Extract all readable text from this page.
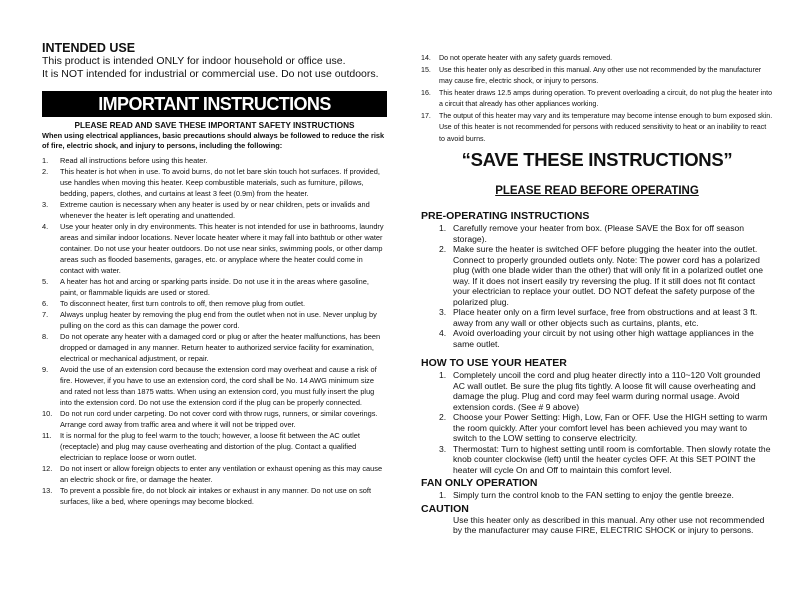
INTENDED USE

This product is intended ONLY for indoor household or office use.

It is NOT intended for industrial or commercial use. Do not use outdoors.

IMPORTANT INSTRUCTIONS
PLEASE READ AND SAVE THESE IMPORTANT SAFETY INSTRUCTIONS

When using electrical appliances, basic precautions should always be followed to reduce the risk of fire, electric shock, and injury to persons, including the following:

1. Read all instructions before using this heater.
2. This heater is hot when in use. To avoid burns, do not let bare skin touch hot surfaces. If provided, use handles when moving this heater. Keep combustible materials, such as furniture, pillows, bedding, papers, clothes, and curtains at least 3 feet (0.9m) from the heater.
3. Extreme caution is necessary when any heater is used by or near children, pets or invalids and whenever the heater is left operating and unattended.
4. Use your heater only in dry environments. This heater is not intended for use in bathrooms, laundry areas and similar indoor locations. Never locate heater where it may fall into bathtub or other water container. Do not use your heater outdoors. Do not use near sinks, swimming pools, or other damp areas such as flooded basements, garages, etc. or anyplace where the heater could come in contact with water.
5. A heater has hot and arcing or sparking parts inside. Do not use it in the areas where gasoline, paint, or flammable liquids are used or stored.
6. To disconnect heater, first turn controls to off, then remove plug from outlet.
7. Always unplug heater by removing the plug end from the outlet when not in use. Never unplug by pulling on the cord as this can damage the power cord.
8. Do not operate any heater with a damaged cord or plug or after the heater malfunctions, has been dropped or damaged in any manner. Return heater to authorized service facility for examination, electrical or mechanical adjustment, or repair.
9. Avoid the use of an extension cord because the extension cord may overheat and cause a risk of fire. However, if you have to use an extension cord, the cord shall be No. 14 AWG minimum size and rated not less than 1875 watts. When using an extension cord, you must fully insert the plug into the extension cord. Do not use the extension cord if the plug can be properly connected.
10. Do not run cord under carpeting. Do not cover cord with throw rugs, runners, or similar coverings. Arrange cord away from traffic area and where it will not be tripped over.
11. It is normal for the plug to feel warm to the touch; however, a loose fit between the AC outlet (receptacle) and plug may cause overheating and distortion of the plug. Contact a qualified electrician to replace loose or worn outlet.
12. Do not insert or allow foreign objects to enter any ventilation or exhaust opening as this may cause an electric shock or fire, or damage the heater.
13. To prevent a possible fire, do not block air intakes or exhaust in any manner. Do not use on soft surfaces, like a bed, where openings may become blocked.
14. Do not operate heater with any safety guards removed.
15. Use this heater only as described in this manual. Any other use not recommended by the manufacturer may cause fire, electric shock, or injury to persons.
16. This heater draws 12.5 amps during operation. To prevent overloading a circuit, do not plug the heater into a circuit that already has other appliances working.
17. The output of this heater may vary and its temperature may become intense enough to burn exposed skin. Use of this heater is not recommended for persons with reduced sensitivity to heat or an inability to react to avoid burns.
“SAVE THESE INSTRUCTIONS”
PLEASE READ BEFORE OPERATING
PRE-OPERATING INSTRUCTIONS
1. Carefully remove your heater from box. (Please SAVE the Box for off season storage).
2. Make sure the heater is switched OFF before plugging the heater into the outlet. Connect to properly grounded outlets only. Note: The power cord has a polarized plug (with one blade wider than the other) that will only fit in a polarized outlet one way. If it does not insert easily try reversing the plug. If it still does not fit contact your electrician to replace your outlet. DO NOT defeat the safety purpose of the polarized plug.
3. Place heater only on a firm level surface, free from obstructions and at least 3 ft. away from any wall or other objects such as curtains, plants, etc.
4. Avoid overloading your circuit by not using other high wattage appliances in the same outlet.
HOW TO USE YOUR HEATER
1. Completely uncoil the cord and plug heater directly into a 110~120 Volt grounded AC wall outlet. Be sure the plug fits tightly. A loose fit will cause overheating and damage the plug. Plug and cord may feel warm during normal usage. Avoid extension cords. (See # 9 above)
2. Choose your Power Setting: High, Low, Fan or OFF. Use the HIGH setting to warm the room quickly. After your comfort level has been achieved you may want to switch to the LOW setting to conserve electricity.
3. Thermostat: Turn to highest setting until room is comfortable. Then slowly rotate the knob counter clockwise (left) until the heater cycles OFF. At this SET POINT the heater will cycle On and Off to maintain this comfort level.
FAN ONLY OPERATION
1. Simply turn the control knob to the FAN setting to enjoy the gentle breeze.
CAUTION

Use this heater only as described in this manual. Any other use not recommended by the manufacturer may cause FIRE, ELECTRIC SHOCK or injury to persons.
